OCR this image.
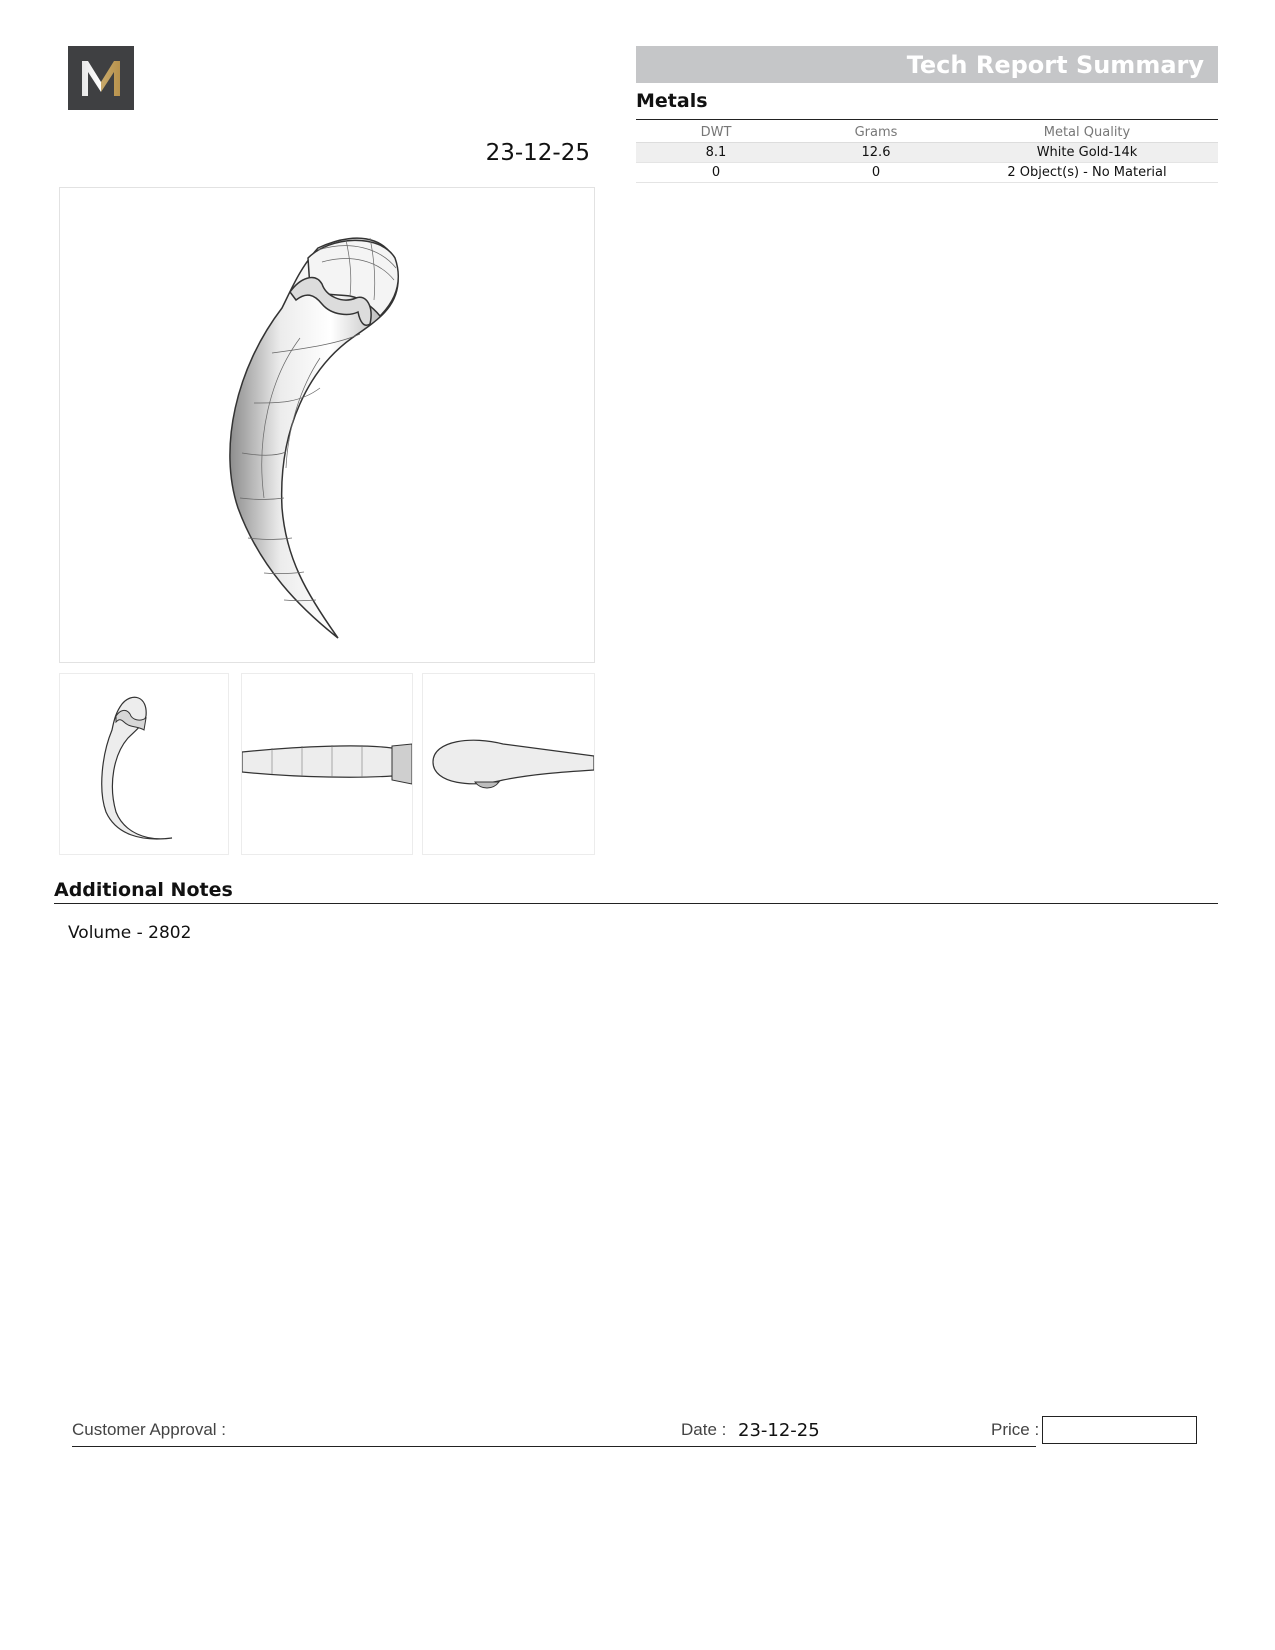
23-12-25
Tech Report Summary
Metals
DWT	Grams	Metal Quality
8.1	12.6	White Gold-14k
0	0	2 Object(s) - No Material
Additional Notes
Volume - 2802
Customer Approval :	Date : 23-12-25	Price :
